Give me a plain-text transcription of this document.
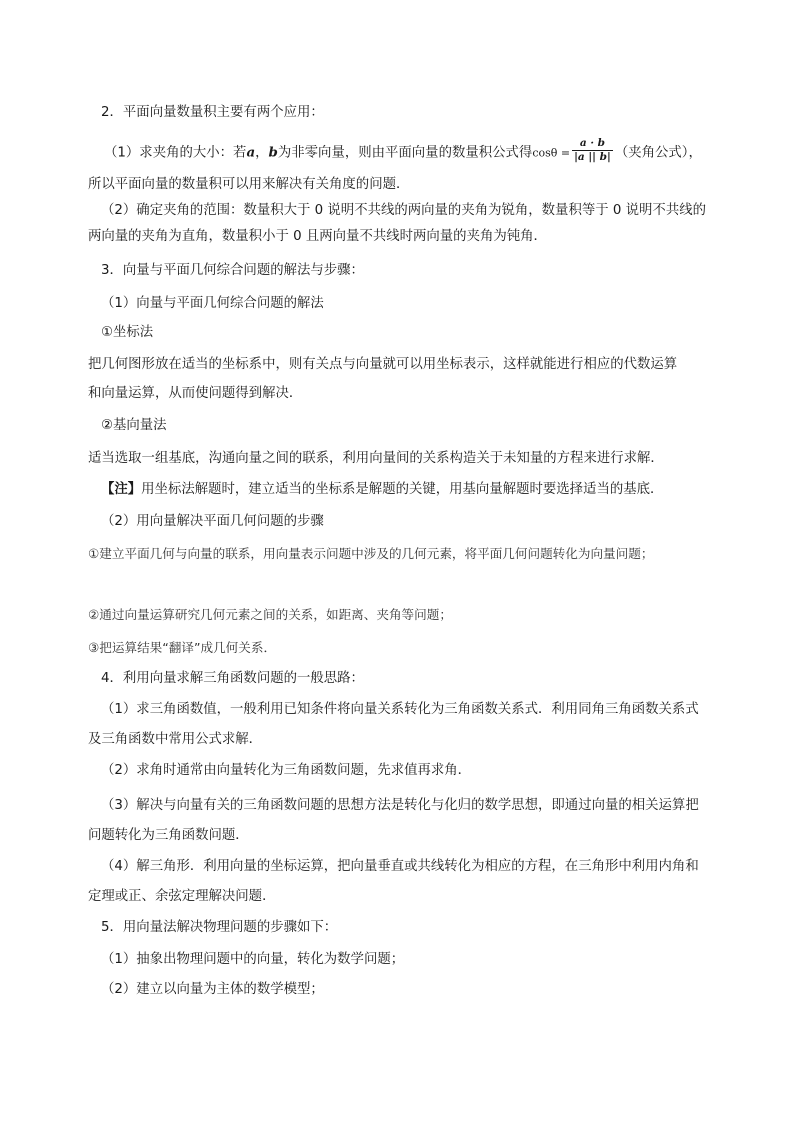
2．平面向量数量积主要有两个应用：
（1）求夹角的大小：若a，b为非零向量，则由平面向量的数量积公式得$\cos\theta = \frac{a \cdot b}{|a || b|}$ （夹角公式），
所以平面向量的数量积可以用来解决有关角度的问题．
（2）确定夹角的范围：数量积大于 0 说明不共线的两向量的夹角为锐角，数量积等于 0 说明不共线的
两向量的夹角为直角，数量积小于 0 且两向量不共线时两向量的夹角为钝角．
3．向量与平面几何综合问题的解法与步骤：
（1）向量与平面几何综合问题的解法
①坐标法
把几何图形放在适当的坐标系中，则有关点与向量就可以用坐标表示，这样就能进行相应的代数运算
和向量运算，从而使问题得到解决．
②基向量法
适当选取一组基底，沟通向量之间的联系，利用向量间的关系构造关于未知量的方程来进行求解．
【注】用坐标法解题时，建立适当的坐标系是解题的关键，用基向量解题时要选择适当的基底．
（2）用向量解决平面几何问题的步骤
①建立平面几何与向量的联系，用向量表示问题中涉及的几何元素，将平面几何问题转化为向量问题；
②通过向量运算研究几何元素之间的关系，如距离、夹角等问题；
③把运算结果“翻译”成几何关系．
4．利用向量求解三角函数问题的一般思路：
（1）求三角函数值，一般利用已知条件将向量关系转化为三角函数关系式．利用同角三角函数关系式
及三角函数中常用公式求解．
（2）求角时通常由向量转化为三角函数问题，先求值再求角．
（3）解决与向量有关的三角函数问题的思想方法是转化与化归的数学思想，即通过向量的相关运算把
问题转化为三角函数问题．
（4）解三角形．利用向量的坐标运算，把向量垂直或共线转化为相应的方程，在三角形中利用内角和
定理或正、余弦定理解决问题．
5．用向量法解决物理问题的步骤如下：
（1）抽象出物理问题中的向量，转化为数学问题；
（2）建立以向量为主体的数学模型；
